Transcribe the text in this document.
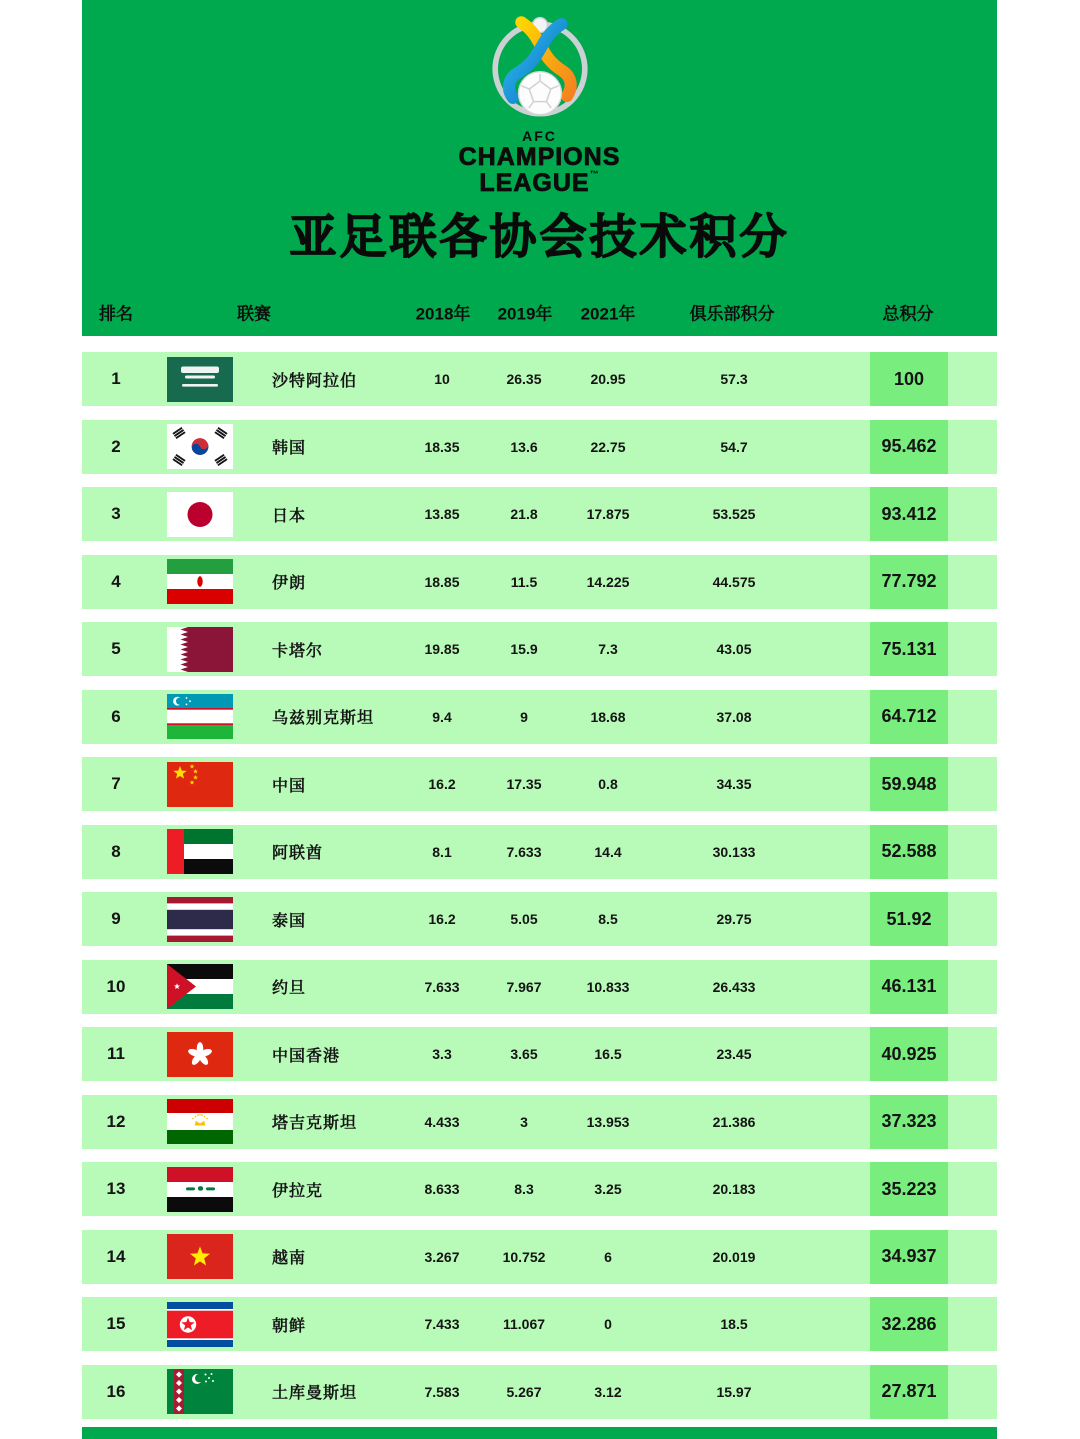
AFC
CHAMPIONS
LEAGUE™
亚足联各协会技术积分
排名	联赛	2018年 2019年 2021年	俱乐部积分	总积分
1	沙特阿拉伯	10	26.35	20.95	57.3	100
2	韩国	18.35	13.6	22.75	54.7	95.462
3	日本	13.85	21.8	17.875	53.525	93.412
4	伊朗	18.85	11.5	14.225	44.575	77.792
5	卡塔尔	19.85	15.9	7.3	43.05	75.131
6	乌兹别克斯坦	9.4	9	18.68	37.08	64.712
7	中国	16.2	17.35	0.8	34.35	59.948
8	阿联酋	8.1	7.633	14.4	30.133	52.588
9	泰国	16.2	5.05	8.5	29.75	51.92
10	约旦	7.633	7.967	10.833	26.433	46.131
11	中国香港	3.3	3.65	16.5	23.45	40.925
12	塔吉克斯坦	4.433	3	13.953	21.386	37.323
13	伊拉克	8.633	8.3	3.25	20.183	35.223
14	越南	3.267	10.752	6	20.019	34.937
15	朝鲜	7.433	11.067	0	18.5	32.286
16	土库曼斯坦	7.583	5.267	3.12	15.97	27.871
